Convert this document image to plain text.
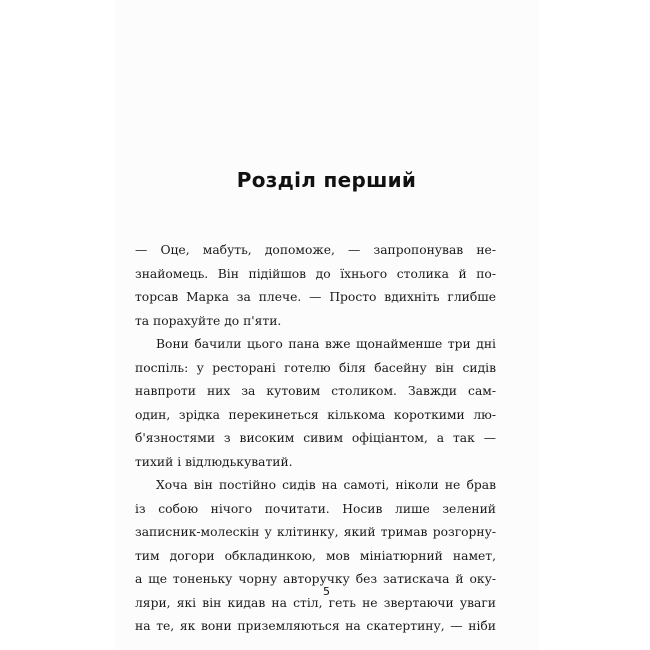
Розділ перший
5
— Оце, мабуть, допоможе, — запропонував не-
знайомець. Він підійшов до їхнього столика й по-
торсав Марка за плече. — Просто вдихніть глибше
та порахуйте до п'яти.
Вони бачили цього пана вже щонайменше три дні
поспіль: у ресторані готелю біля басейну він сидів
навпроти них за кутовим столиком. Завжди сам-
один, зрідка перекинеться кількома короткими лю-
б'язностями з високим сивим офіціантом, а так —
тихий і відлюдькуватий.
Хоча він постійно сидів на самоті, ніколи не брав
із собою нічого почитати. Носив лише зелений
записник-молескін у клітинку, який тримав розгорну-
тим догори обкладинкою, мов мініатюрний намет,
а ще тоненьку чорну авторучку без затискача й оку-
ляри, які він кидав на стіл, геть не звертаючи уваги
на те, як вони приземляються на скатертину, — ніби
